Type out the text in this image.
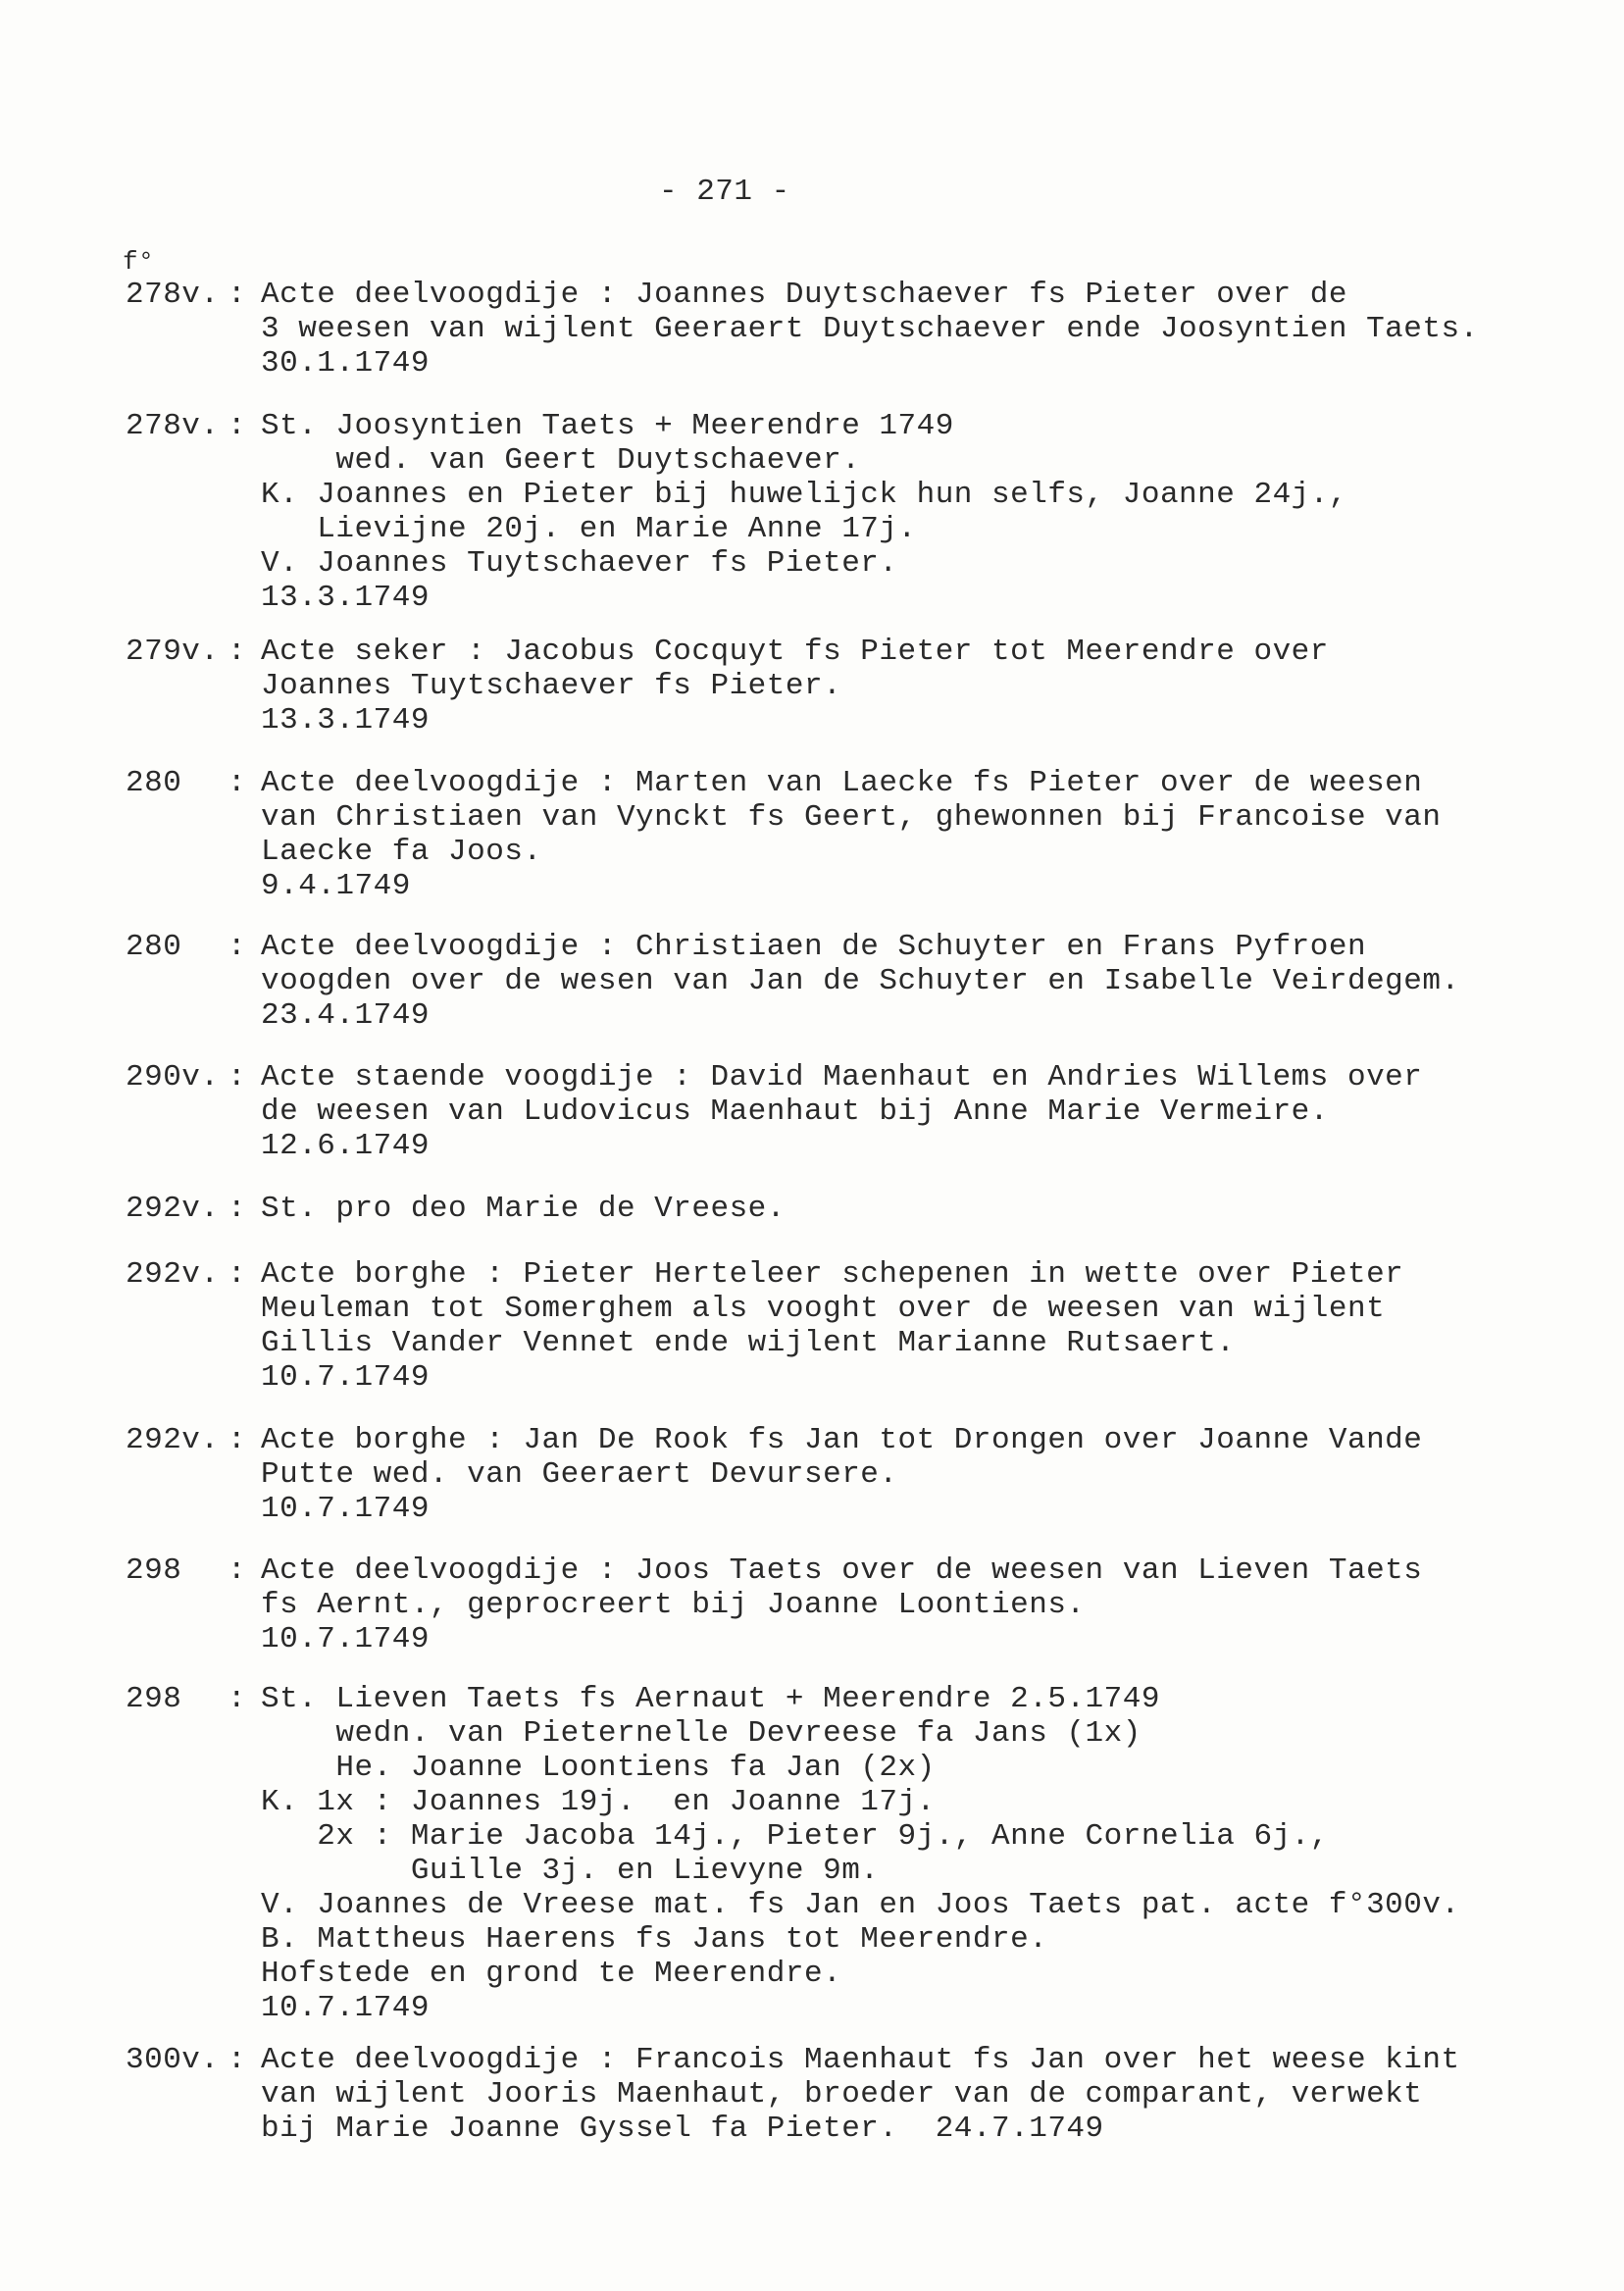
- 271 -
f°
278v. : Acte deelvoogdije : Joannes Duytschaever fs Pieter over de
3 weesen van wijlent Geeraert Duytschaever ende Joosyntien Taets.
30.1.1749
278v. : St. Joosyntien Taets + Meerendre 1749
wed. van Geert Duytschaever.
K. Joannes en Pieter bij huwelijck hun selfs, Joanne 24j.,
Lievijne 20j. en Marie Anne 17j.
V. Joannes Tuytschaever fs Pieter.
13.3.1749
279v. : Acte seker : Jacobus Cocquyt fs Pieter tot Meerendre over
Joannes Tuytschaever fs Pieter.
13.3.1749
280 : Acte deelvoogdije : Marten van Laecke fs Pieter over de weesen
van Christiaen van Vynckt fs Geert, ghewonnen bij Francoise van
Laecke fa Joos.
9.4.1749
280 : Acte deelvoogdije : Christiaen de Schuyter en Frans Pyfroen
voogden over de wesen van Jan de Schuyter en Isabelle Veirdegem.
23.4.1749
290v. : Acte staende voogdije : David Maenhaut en Andries Willems over
de weesen van Ludovicus Maenhaut bij Anne Marie Vermeire.
12.6.1749
292v. : St. pro deo Marie de Vreese.
292v. : Acte borghe : Pieter Herteleer schepenen in wette over Pieter
Meuleman tot Somerghem als vooght over de weesen van wijlent
Gillis Vander Vennet ende wijlent Marianne Rutsaert.
10.7.1749
292v. : Acte borghe : Jan De Rook fs Jan tot Drongen over Joanne Vande
Putte wed. van Geeraert Devursere.
10.7.1749
298 : Acte deelvoogdije : Joos Taets over de weesen van Lieven Taets
fs Aernt., geprocreert bij Joanne Loontiens.
10.7.1749
298 : St. Lieven Taets fs Aernaut + Meerendre 2.5.1749
wedn. van Pieternelle Devreese fa Jans (1x)
He. Joanne Loontiens fa Jan (2x)
K. 1x : Joannes 19j.  en Joanne 17j.
2x : Marie Jacoba 14j., Pieter 9j., Anne Cornelia 6j.,
Guille 3j. en Lievyne 9m.
V. Joannes de Vreese mat. fs Jan en Joos Taets pat. acte f°300v.
B. Mattheus Haerens fs Jans tot Meerendre.
Hofstede en grond te Meerendre.
10.7.1749
300v. : Acte deelvoogdije : Francois Maenhaut fs Jan over het weese kint
van wijlent Jooris Maenhaut, broeder van de comparant, verwekt
bij Marie Joanne Gyssel fa Pieter.  24.7.1749
